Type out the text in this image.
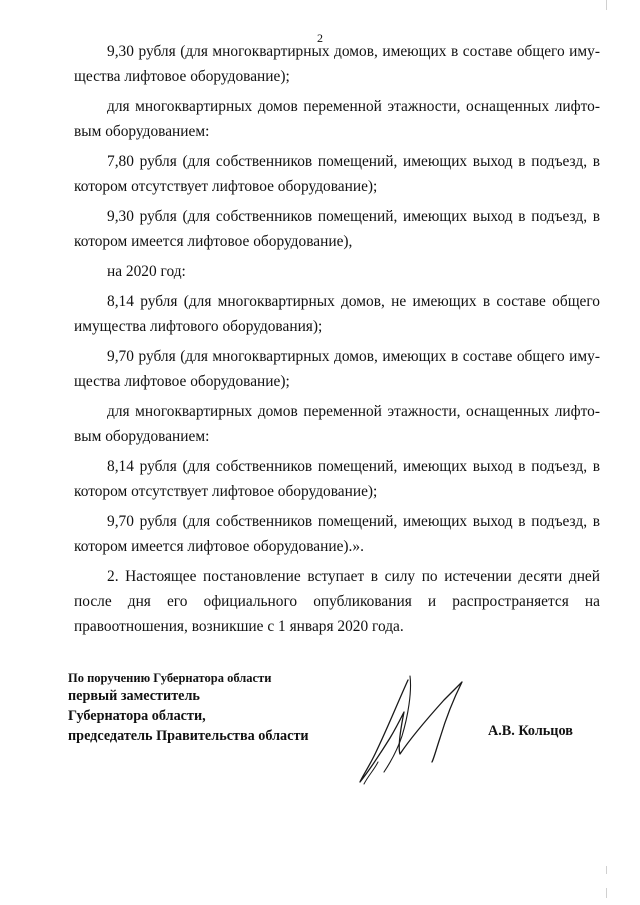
2

9,30 рубля (для многоквартирных домов, имеющих в составе общего имущества лифтовое оборудование);

для многоквартирных домов переменной этажности, оснащенных лифтовым оборудованием:

7,80 рубля (для собственников помещений, имеющих выход в подъезд, в котором отсутствует лифтовое оборудование);

9,30 рубля (для собственников помещений, имеющих выход в подъезд, в котором имеется лифтовое оборудование),

на 2020 год:

8,14 рубля (для многоквартирных домов, не имеющих в составе общего имущества лифтового оборудования);

9,70 рубля (для многоквартирных домов, имеющих в составе общего имущества лифтовое оборудование);

для многоквартирных домов переменной этажности, оснащенных лифтовым оборудованием:

8,14 рубля (для собственников помещений, имеющих выход в подъезд, в котором отсутствует лифтовое оборудование);

9,70 рубля (для собственников помещений, имеющих выход в подъезд, в котором имеется лифтовое оборудование).».

2. Настоящее постановление вступает в силу по истечении десяти дней после дня его официального опубликования и распространяется на правоотношения, возникшие с 1 января 2020 года.

По поручению Губернатора области
первый заместитель
Губернатора области,
председатель Правительства области	А.В. Кольцов
